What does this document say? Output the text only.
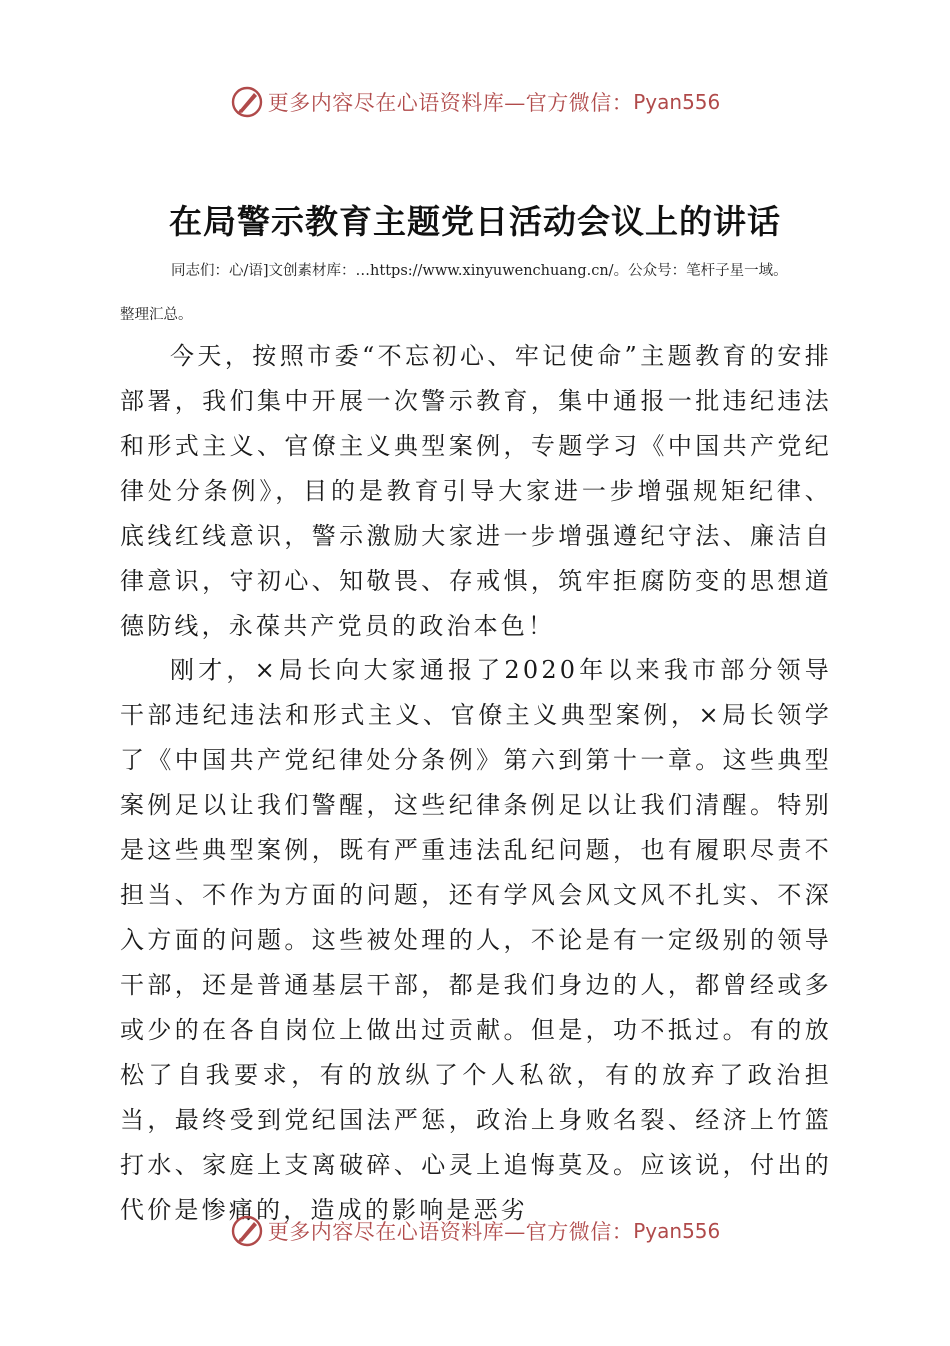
更多内容尽在心语资料库—官方微信： Pyan556
在局警示教育主题党日活动会议上的讲话
同志们：心/语]文创素材库：…https://www.xinyuwenchuang.cn/。公众号：笔杆子星一域。
整理汇总。
今天，按照市委“不忘初心、牢记使命”主题教育的安排部署，我们集中开展一次警示教育，集中通报一批违纪违法和形式主义、官僚主义典型案例，专题学习《中国共产党纪律处分条例》，目的是教育引导大家进一步增强规矩纪律、底线红线意识，警示激励大家进一步增强遵纪守法、廉洁自律意识，守初心、知敬畏、存戒惧，筑牢拒腐防变的思想道德防线，永葆共产党员的政治本色！
刚才，×局长向大家通报了2020年以来我市部分领导干部违纪违法和形式主义、官僚主义典型案例，×局长领学了《中国共产党纪律处分条例》第六到第十一章。这些典型案例足以让我们警醒，这些纪律条例足以让我们清醒。特别是这些典型案例，既有严重违法乱纪问题，也有履职尽责不担当、不作为方面的问题，还有学风会风文风不扎实、不深入方面的问题。这些被处理的人，不论是有一定级别的领导干部，还是普通基层干部，都是我们身边的人，都曾经或多或少的在各自岗位上做出过贡献。但是，功不抵过。有的放松了自我要求，有的放纵了个人私欲，有的放弃了政治担当，最终受到党纪国法严惩，政治上身败名裂、经济上竹篮打水、家庭上支离破碎、心灵上追悔莫及。应该说，付出的代价是惨痛的，造成的影响是恶劣
更多内容尽在心语资料库—官方微信： Pyan556
